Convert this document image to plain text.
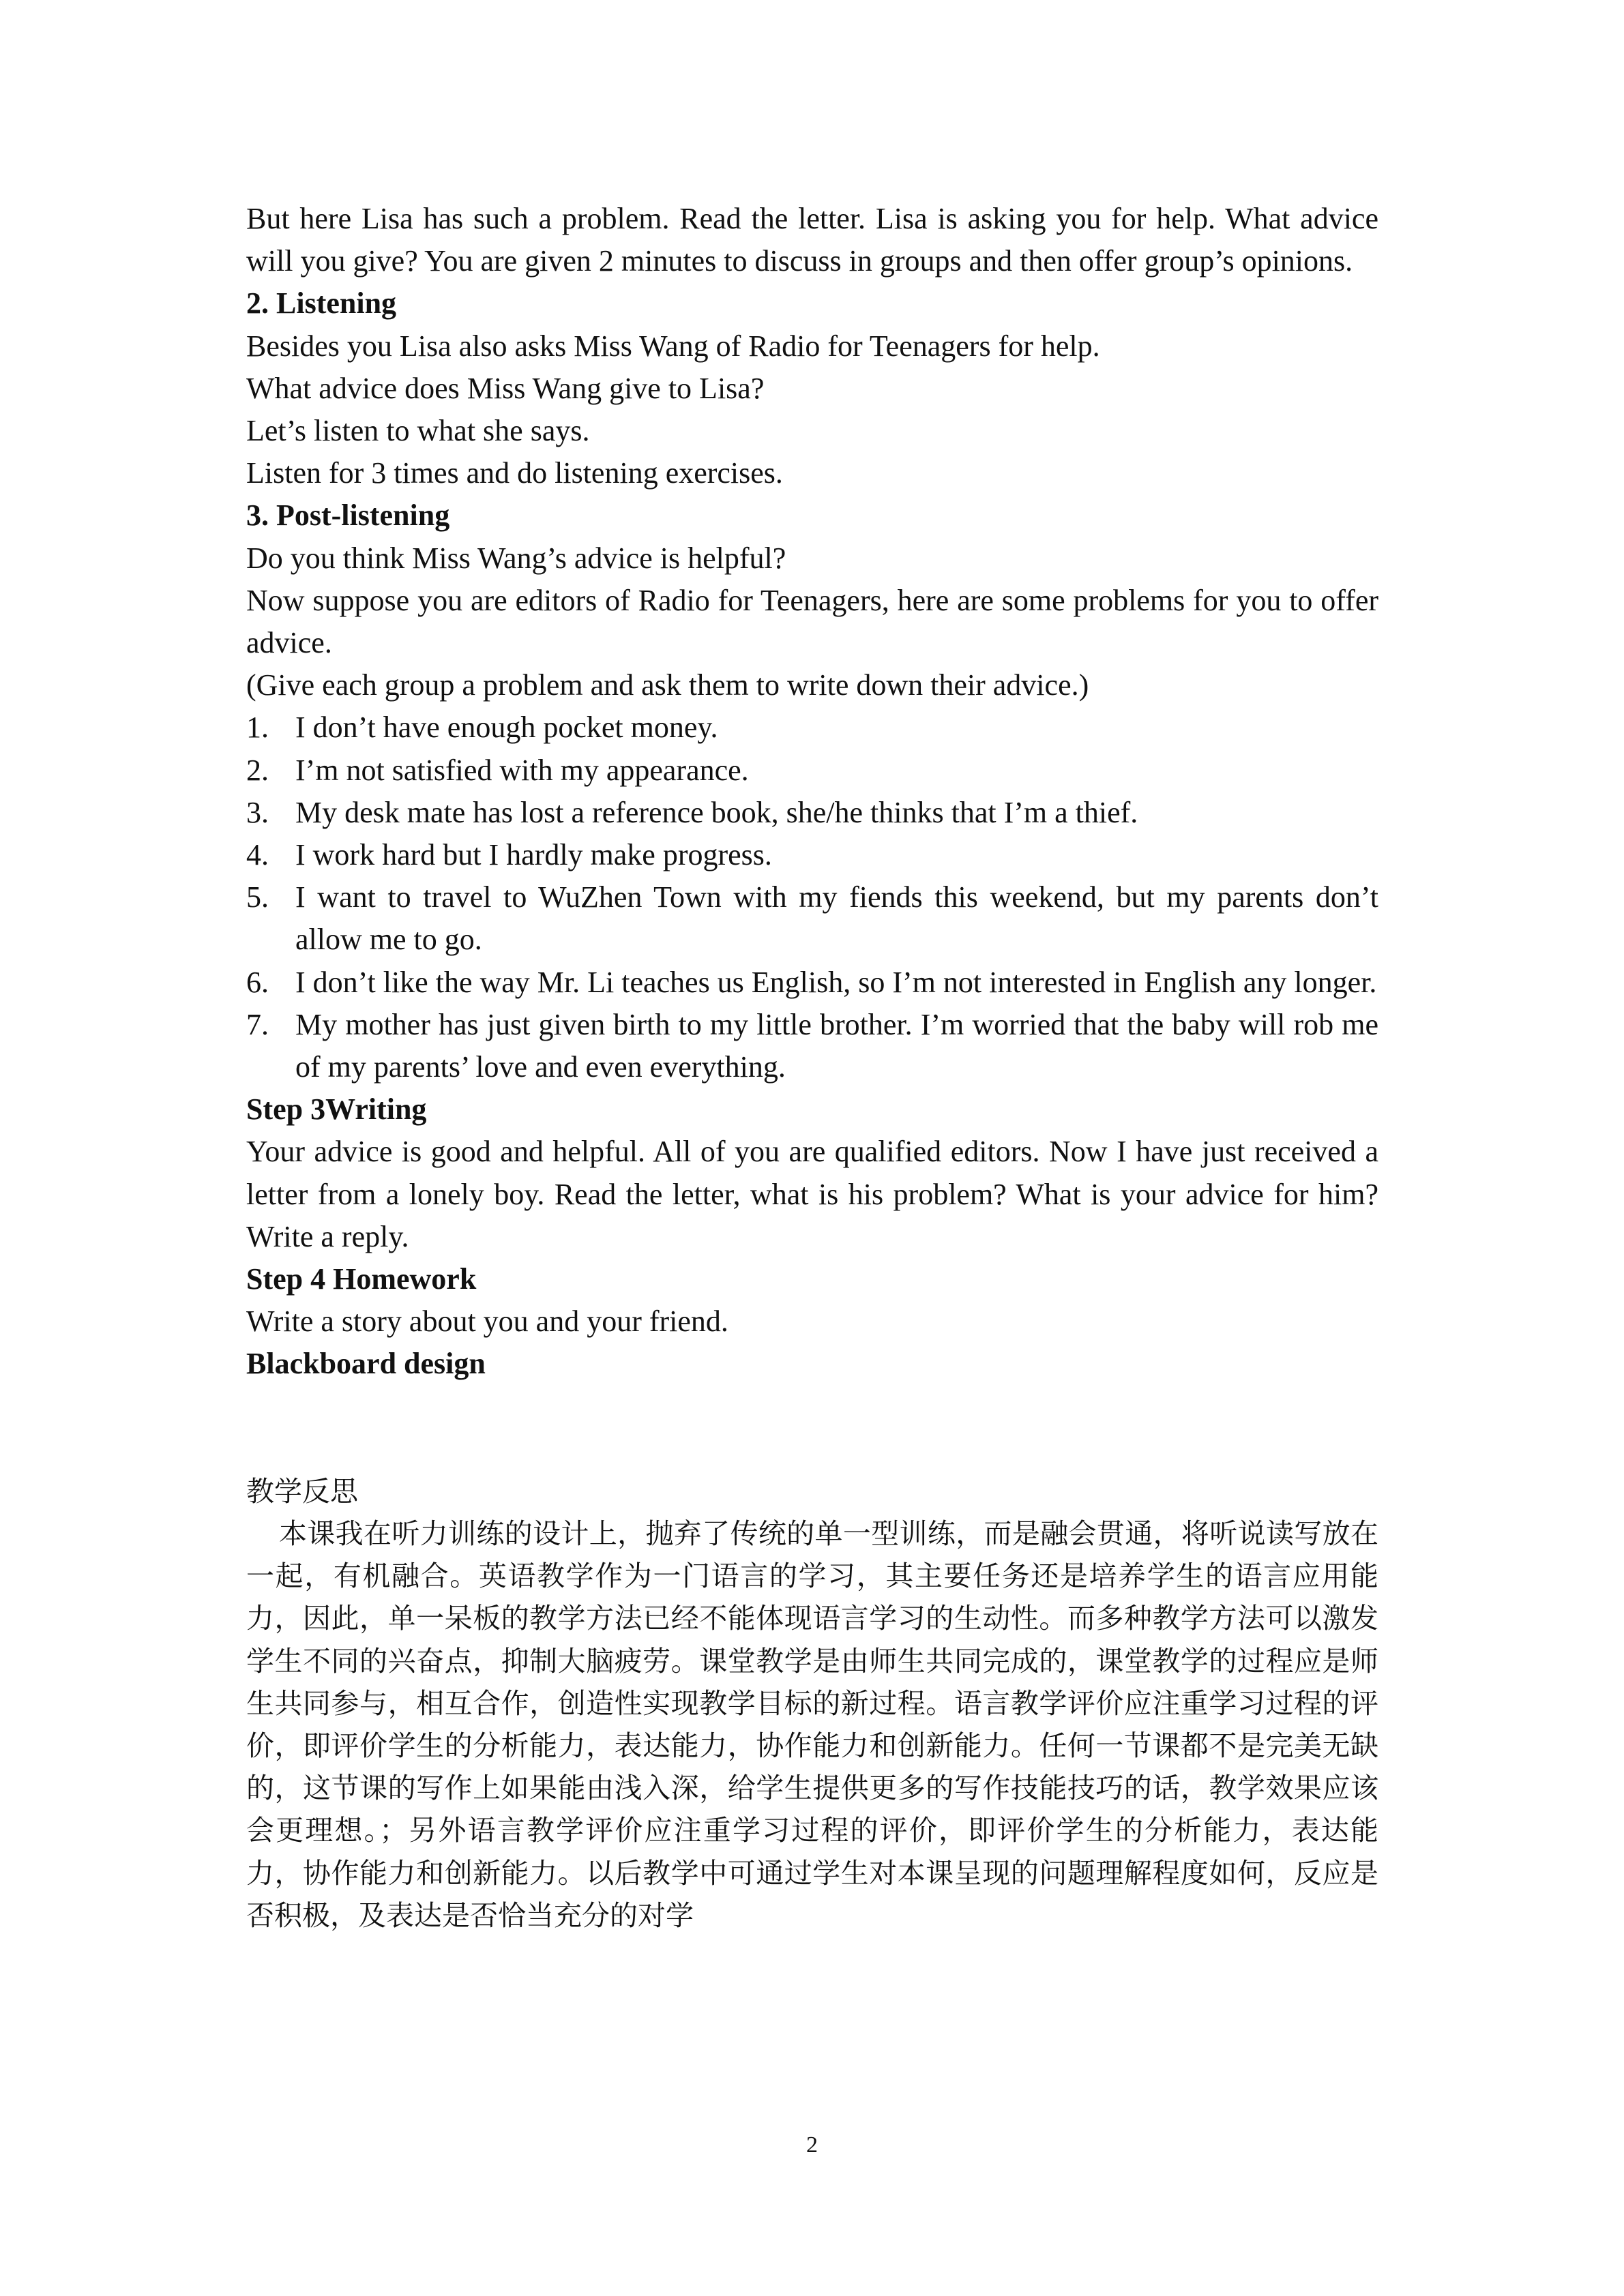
But here Lisa has such a problem. Read the letter. Lisa is asking you for help. What advice will you give? You are given 2 minutes to discuss in groups and then offer group’s opinions.

2. Listening

Besides you Lisa also asks Miss Wang of Radio for Teenagers for help.

What advice does Miss Wang give to Lisa?

Let’s listen to what she says.

Listen for 3 times and do listening exercises.

3. Post-listening

Do you think Miss Wang’s advice is helpful?

Now suppose you are editors of Radio for Teenagers, here are some problems for you to offer advice.

(Give each group a problem and ask them to write down their advice.)

1. I don’t have enough pocket money.
2. I’m not satisfied with my appearance.
3. My desk mate has lost a reference book, she/he thinks that I’m a thief.
4. I work hard but I hardly make progress.
5. I want to travel to WuZhen Town with my fiends this weekend, but my parents don’t allow me to go.
6. I don’t like the way Mr. Li teaches us English, so I’m not interested in English any longer.
7. My mother has just given birth to my little brother. I’m worried that the baby will rob me of my parents’ love and even everything.

Step 3Writing

Your advice is good and helpful. All of you are qualified editors. Now I have just received a letter from a lonely boy. Read the letter, what is his problem? What is your advice for him? Write a reply.

Step 4 Homework

Write a story about you and your friend.

Blackboard design

教学反思

本课我在听力训练的设计上，抛弃了传统的单一型训练，而是融会贯通，将听说读写放在一起，有机融合。英语教学作为一门语言的学习，其主要任务还是培养学生的语言应用能力，因此，单一呆板的教学方法已经不能体现语言学习的生动性。而多种教学方法可以激发学生不同的兴奋点，抑制大脑疲劳。课堂教学是由师生共同完成的，课堂教学的过程应是师生共同参与，相互合作，创造性实现教学目标的新过程。语言教学评价应注重学习过程的评价，即评价学生的分析能力，表达能力，协作能力和创新能力。任何一节课都不是完美无缺的，这节课的写作上如果能由浅入深，给学生提供更多的写作技能技巧的话，教学效果应该会更理想。；另外语言教学评价应注重学习过程的评价，即评价学生的分析能力，表达能力，协作能力和创新能力。以后教学中可通过学生对本课呈现的问题理解程度如何，反应是否积极，及表达是否恰当充分的对学

2
